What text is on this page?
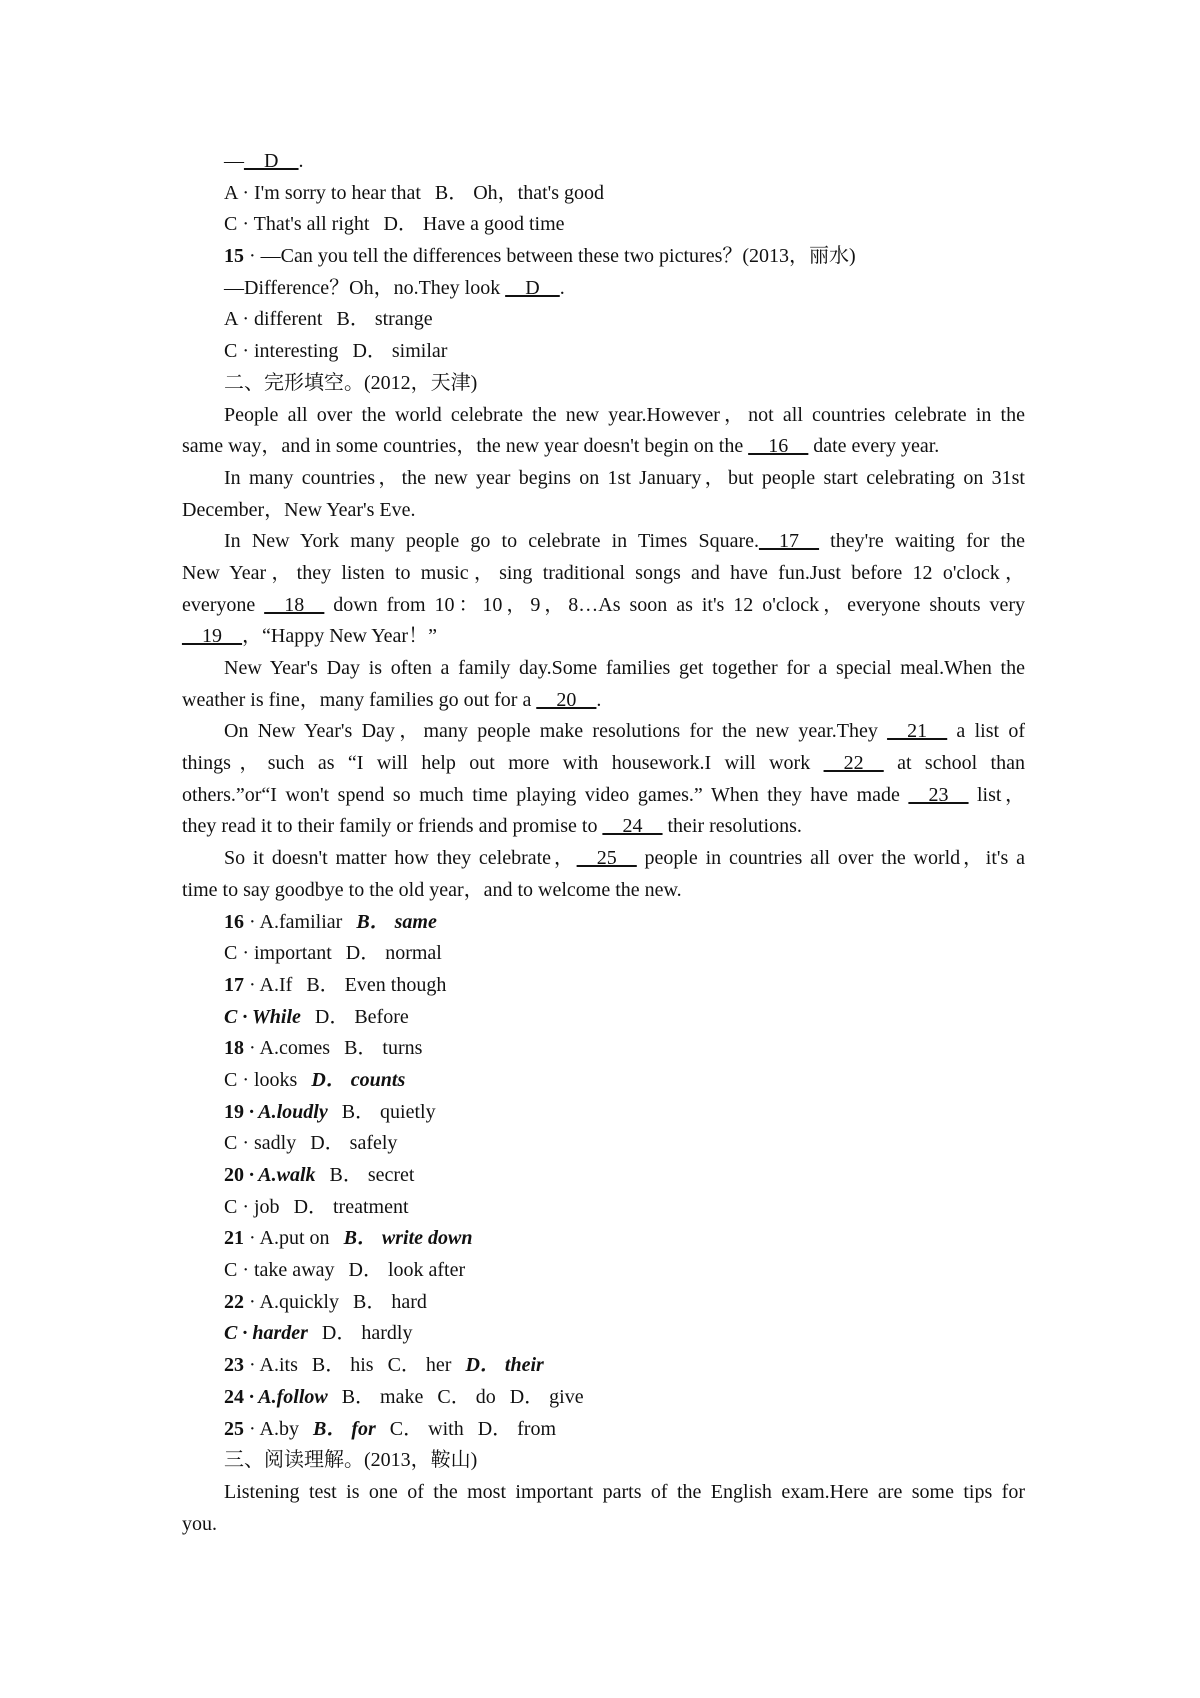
—__D__.
A · I'm sorry to hear that B． Oh，that's good
C · That's all right D． Have a good time
15 · —Can you tell the differences between these two pictures？(2013，丽水)
—Difference？Oh，no.They look __D__.
A · different B． strange
C · interesting D． similar
二、完形填空。(2012，天津)
People all over the world celebrate the new year.However，not all countries celebrate in the
same way，and in some countries，the new year doesn't begin on the __16__ date every year.
In many countries，the new year begins on 1st January，but people start celebrating on 31st
December，New Year's Eve.
In New York many people go to celebrate in Times Square.__17__ they're waiting for the
New Year，they listen to music，sing traditional songs and have fun.Just before 12 o'clock，
everyone __18__ down from 10：10，9，8…As soon as it's 12 o'clock，everyone shouts very
__19__，“Happy New Year！”
New Year's Day is often a family day.Some families get together for a special meal.When the
weather is fine，many families go out for a __20__.
On New Year's Day，many people make resolutions for the new year.They __21__ a list of
things，such as “I will help out more with housework.I will work __22__ at school than
others.”or“I won't spend so much time playing video games.” When they have made __23__ list，
they read it to their family or friends and promise to __24__ their resolutions.
So it doesn't matter how they celebrate，__25__ people in countries all over the world，it's a
time to say goodbye to the old year，and to welcome the new.
16 · A.familiar B． same
C · important D． normal
17 · A.If B． Even though
C · While D． Before
18 · A.comes B． turns
C · looks D． counts
19 · A.loudly B． quietly
C · sadly D． safely
20 · A.walk B． secret
C · job D． treatment
21 · A.put on B． write down
C · take away D． look after
22 · A.quickly B． hard
C · harder D． hardly
23 · A.its B． his C． her D． their
24 · A.follow B． make C． do D． give
25 · A.by B． for C． with D． from
三、阅读理解。(2013，鞍山)
Listening test is one of the most important parts of the English exam.Here are some tips for
you.
